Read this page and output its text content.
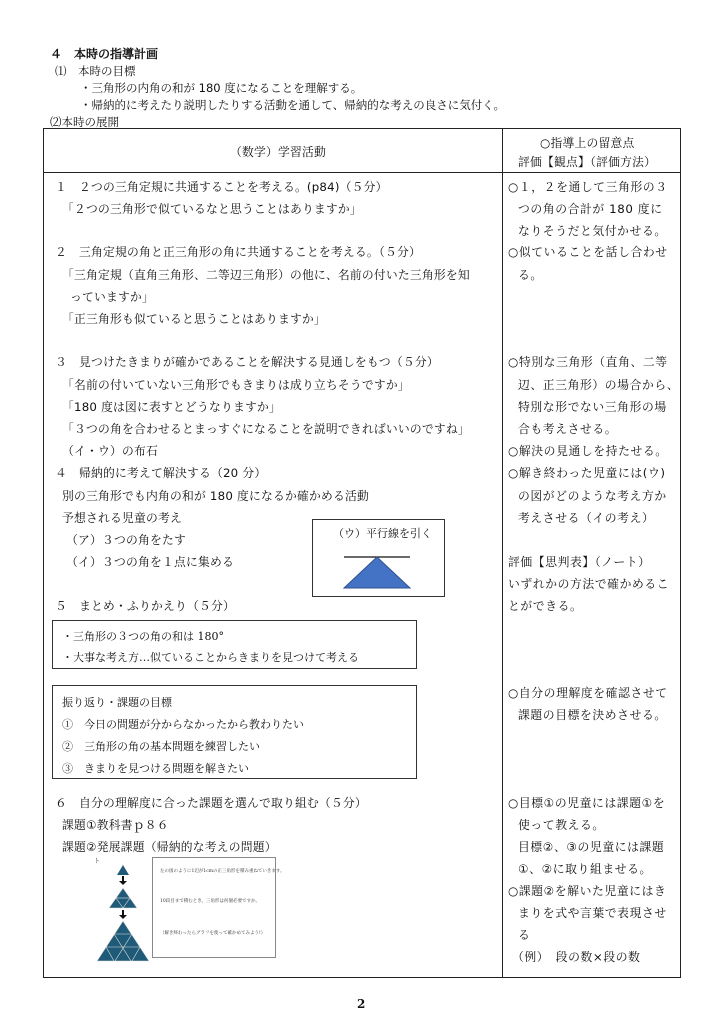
４　本時の指導計画
⑴　本時の目標
・三角形の内角の和が 180 度になることを理解する。
・帰納的に考えたり説明したりする活動を通して、帰納的な考えの良さに気付く。
⑵本時の展開
（数学）学習活動
○指導上の留意点
評価【観点】（評価方法）
１　２つの三角定規に共通することを考える。(p84)（５分）
「２つの三角形で似ているなと思うことはありますか」
２　三角定規の角と正三角形の角に共通することを考える。（５分）
「三角定規（直角三角形、二等辺三角形）の他に、名前の付いた三角形を知
っていますか」
「正三角形も似ていると思うことはありますか」
３　見つけたきまりが確かであることを解決する見通しをもつ（５分）
「名前の付いていない三角形でもきまりは成り立ちそうですか」
「180 度は図に表すとどうなりますか」
「３つの角を合わせるとまっすぐになることを説明できればいいのですね」
（イ・ウ）の布石
４　帰納的に考えて解決する（20 分）
別の三角形でも内角の和が 180 度になるか確かめる活動
予想される児童の考え
（ア）３つの角をたす
（イ）３つの角を１点に集める
（ウ）平行線を引く
５　まとめ・ふりかえり（５分）
・三角形の３つの角の和は 180°
・大事な考え方…似ていることからきまりを見つけて考える
振り返り・課題の目標
①　今日の問題が分からなかったから教わりたい
②　三角形の角の基本問題を練習したい
③　きまりを見つける問題を解きたい
６　自分の理解度に合った課題を選んで取り組む（５分）
課題①教科書ｐ８６
課題②発展課題（帰納的な考えの問題）
ト
左の図のように1辺が1cmの正三角形を積み重ねていきます。
10段目まで積むとき、三角形は何個必要ですか。
（解き終わったらグラフを使って確かめてみよう!）
○１，２を通して三角形の３
つの角の合計が 180 度に
なりそうだと気付かせる。
○似ていることを話し合わせ
る。
○特別な三角形（直角、二等
辺、正三角形）の場合から、
特別な形でない三角形の場
合も考えさせる。
○解決の見通しを持たせる。
○解き終わった児童には(ウ)
の図がどのような考え方か
考えさせる（イの考え）
評価【思判表】（ノート）
いずれかの方法で確かめるこ
とができる。
○自分の理解度を確認させて
課題の目標を決めさせる。
○目標①の児童には課題①を
使って教える。
目標②、③の児童には課題
①、②に取り組ませる。
○課題②を解いた児童にはき
まりを式や言葉で表現させ
る
（例）　段の数×段の数
2
